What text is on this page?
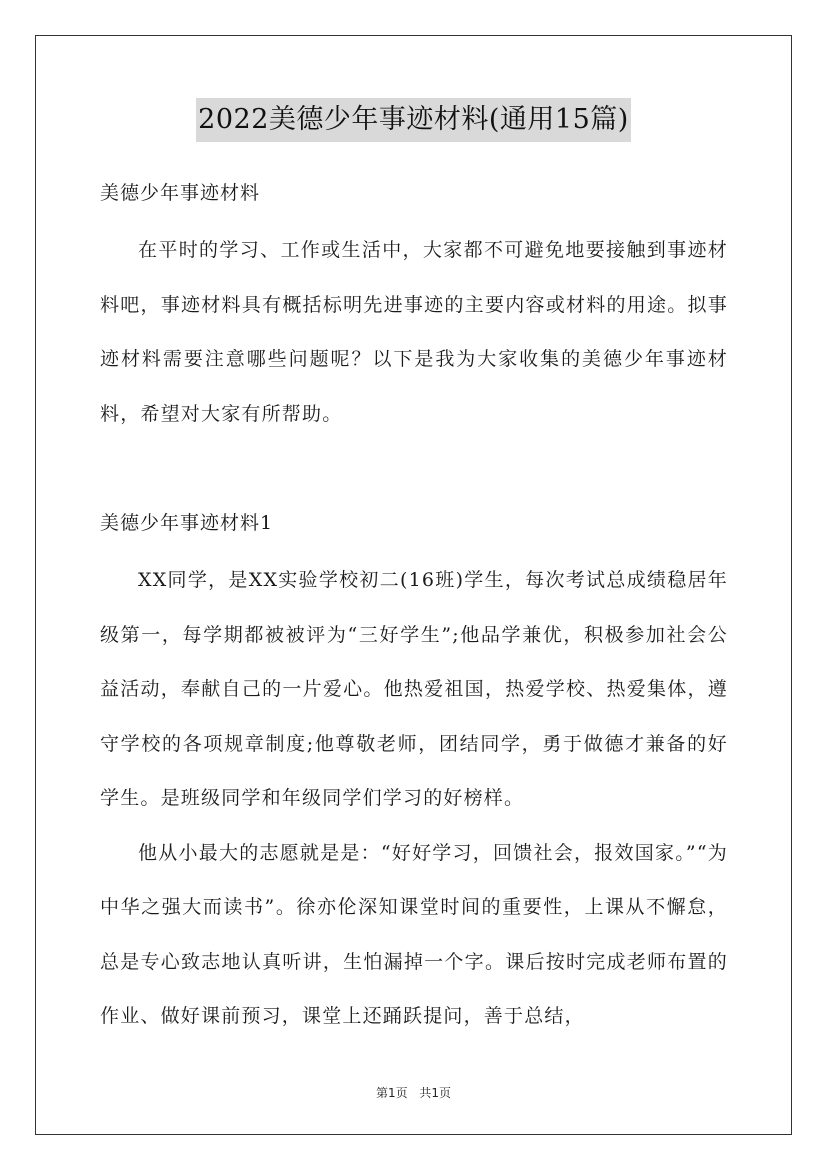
2022美德少年事迹材料(通用15篇)

美德少年事迹材料

在平时的学习、工作或生活中，大家都不可避免地要接触到事迹材料吧，事迹材料具有概括标明先进事迹的主要内容或材料的用途。拟事迹材料需要注意哪些问题呢？以下是我为大家收集的美德少年事迹材料，希望对大家有所帮助。

美德少年事迹材料1

XX同学，是XX实验学校初二(16班)学生，每次考试总成绩稳居年级第一，每学期都被被评为“三好学生”;他品学兼优，积极参加社会公益活动，奉献自己的一片爱心。他热爱祖国，热爱学校、热爱集体，遵守学校的各项规章制度;他尊敬老师，团结同学，勇于做德才兼备的好学生。是班级同学和年级同学们学习的好榜样。

他从小最大的志愿就是是：“好好学习，回馈社会，报效国家。”“为中华之强大而读书”。徐亦伦深知课堂时间的重要性，上课从不懈怠，总是专心致志地认真听讲，生怕漏掉一个字。课后按时完成老师布置的作业、做好课前预习，课堂上还踊跃提问，善于总结，

第1页 共1页
